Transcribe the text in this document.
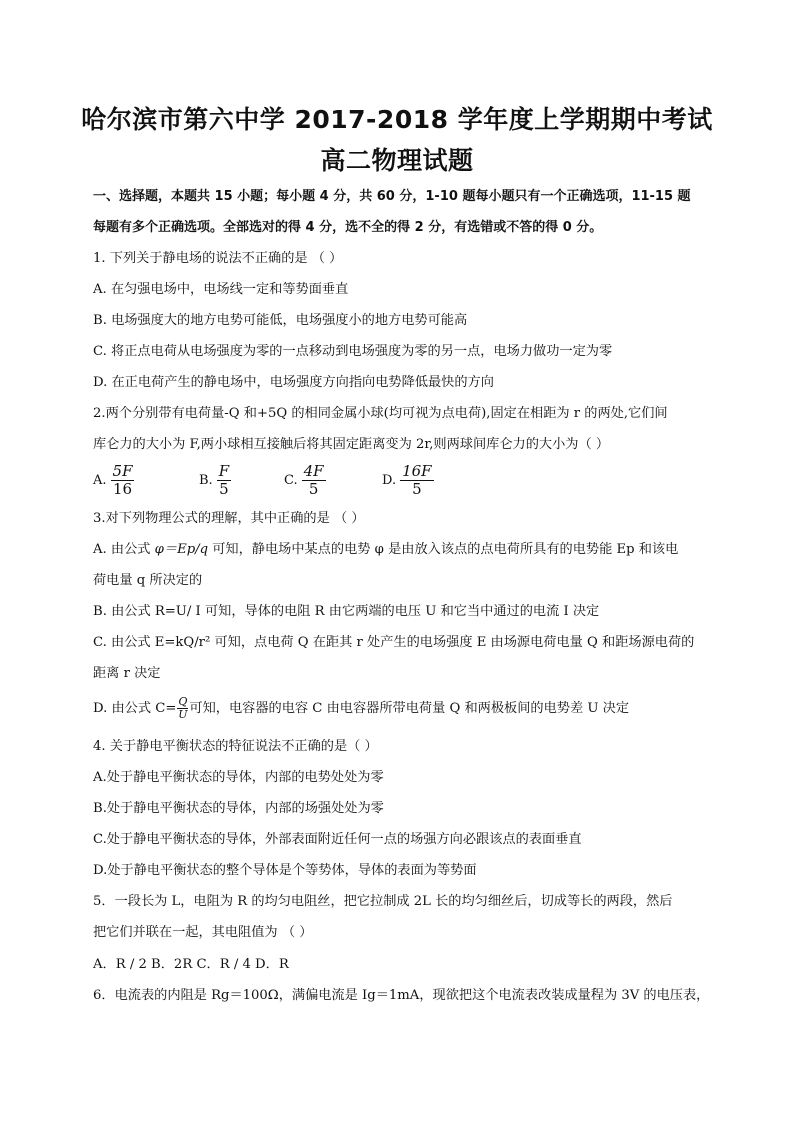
哈尔滨市第六中学 2017-2018 学年度上学期期中考试
高二物理试题
一、选择题，本题共 15 小题；每小题 4 分，共 60 分，1-10 题每小题只有一个正确选项，11-15 题
每题有多个正确选项。全部选对的得 4 分，选不全的得 2 分，有选错或不答的得 0 分。
1. 下列关于静电场的说法不正确的是 （ ）
A. 在匀强电场中，电场线一定和等势面垂直
B. 电场强度大的地方电势可能低，电场强度小的地方电势可能高
C. 将正点电荷从电场强度为零的一点移动到电场强度为零的另一点，电场力做功一定为零
D. 在正电荷产生的静电场中，电场强度方向指向电势降低最快的方向
2.两个分别带有电荷量-Q 和+5Q 的相同金属小球(均可视为点电荷),固定在相距为 r 的两处,它们间
库仑力的大小为 F,两小球相互接触后将其固定距离变为 2r,则两球间库仑力的大小为（ ）
A. $\frac{5F}{16}$	B. $\frac{F}{5}$	C. $\frac{4F}{5}$	D. $\frac{16F}{5}$
3.对下列物理公式的理解，其中正确的是 （ ）
A. 由公式 φ＝Ep/q 可知，静电场中某点的电势 φ 是由放入该点的点电荷所具有的电势能 Ep 和该电
荷电量 q 所决定的
B. 由公式 R=U/ I 可知，导体的电阻 R 由它两端的电压 U 和它当中通过的电流 I 决定
C. 由公式 E=kQ/r² 可知，点电荷 Q 在距其 r 处产生的电场强度 E 由场源电荷电量 Q 和距场源电荷的
距离 r 决定
D. 由公式 $C= \frac{Q}{U}$ 可知，电容器的电容 C 由电容器所带电荷量 Q 和两极板间的电势差 U 决定
4. 关于静电平衡状态的特征说法不正确的是（ ）
A.处于静电平衡状态的导体，内部的电势处处为零
B.处于静电平衡状态的导体，内部的场强处处为零
C.处于静电平衡状态的导体，外部表面附近任何一点的场强方向必跟该点的表面垂直
D.处于静电平衡状态的整个导体是个等势体，导体的表面为等势面
5．一段长为 L，电阻为 R 的均匀电阻丝，把它拉制成 2L 长的均匀细丝后，切成等长的两段，然后
把它们并联在一起，其电阻值为 （ ）
A．R / 2 B．2R C．R / 4 D．R
6．电流表的内阻是 Rg＝100Ω，满偏电流是 Ig＝1mA，现欲把这个电流表改装成量程为 3V 的电压表，
